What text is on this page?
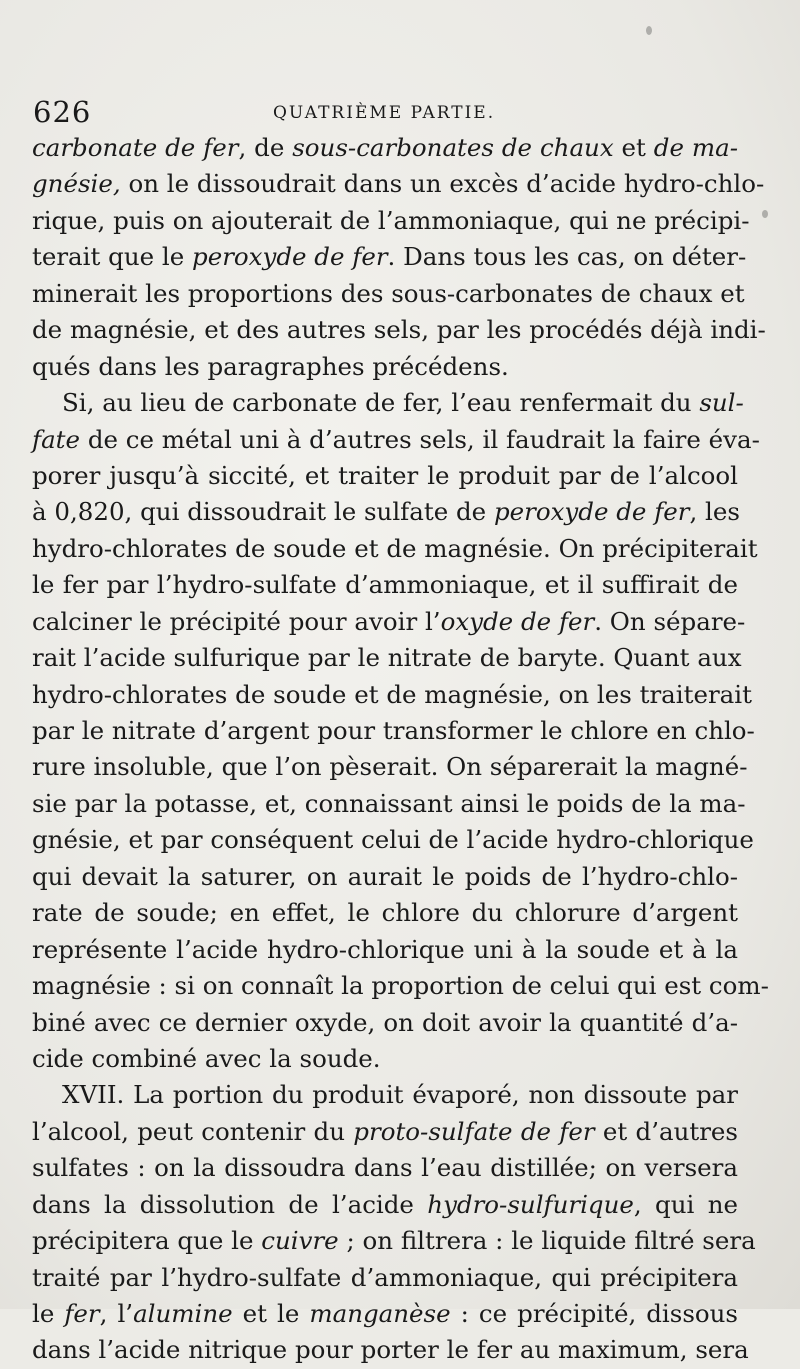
626	QUATRIÈME PARTIE.
carbonate de fer, de sous-carbonates de chaux et de ma-
gnésie, on le dissoudrait dans un excès d’acide hydro-chlo-
rique, puis on ajouterait de l’ammoniaque, qui ne précipi-
terait que le peroxyde de fer. Dans tous les cas, on déter-
minerait les proportions des sous-carbonates de chaux et
de magnésie, et des autres sels, par les procédés déjà indi-
qués dans les paragraphes précédens.
Si, au lieu de carbonate de fer, l’eau renfermait du sul-
fate de ce métal uni à d’autres sels, il faudrait la faire éva-
porer jusqu’à siccité, et traiter le produit par de l’alcool
à 0,820, qui dissoudrait le sulfate de peroxyde de fer, les
hydro-chlorates de soude et de magnésie. On précipiterait
le fer par l’hydro-sulfate d’ammoniaque, et il suffirait de
calciner le précipité pour avoir l’oxyde de fer. On sépare-
rait l’acide sulfurique par le nitrate de baryte. Quant aux
hydro-chlorates de soude et de magnésie, on les traiterait
par le nitrate d’argent pour transformer le chlore en chlo-
rure insoluble, que l’on pèserait. On séparerait la magné-
sie par la potasse, et, connaissant ainsi le poids de la ma-
gnésie, et par conséquent celui de l’acide hydro-chlorique
qui devait la saturer, on aurait le poids de l’hydro-chlo-
rate de soude; en effet, le chlore du chlorure d’argent
représente l’acide hydro-chlorique uni à la soude et à la
magnésie : si on connaît la proportion de celui qui est com-
biné avec ce dernier oxyde, on doit avoir la quantité d’a-
cide combiné avec la soude.
XVII. La portion du produit évaporé, non dissoute par
l’alcool, peut contenir du proto-sulfate de fer et d’autres
sulfates : on la dissoudra dans l’eau distillée; on versera
dans la dissolution de l’acide hydro-sulfurique, qui ne
précipitera que le cuivre ; on filtrera : le liquide filtré sera
traité par l’hydro-sulfate d’ammoniaque, qui précipitera
le fer, l’alumine et le manganèse : ce précipité, dissous
dans l’acide nitrique pour porter le fer au maximum, sera
